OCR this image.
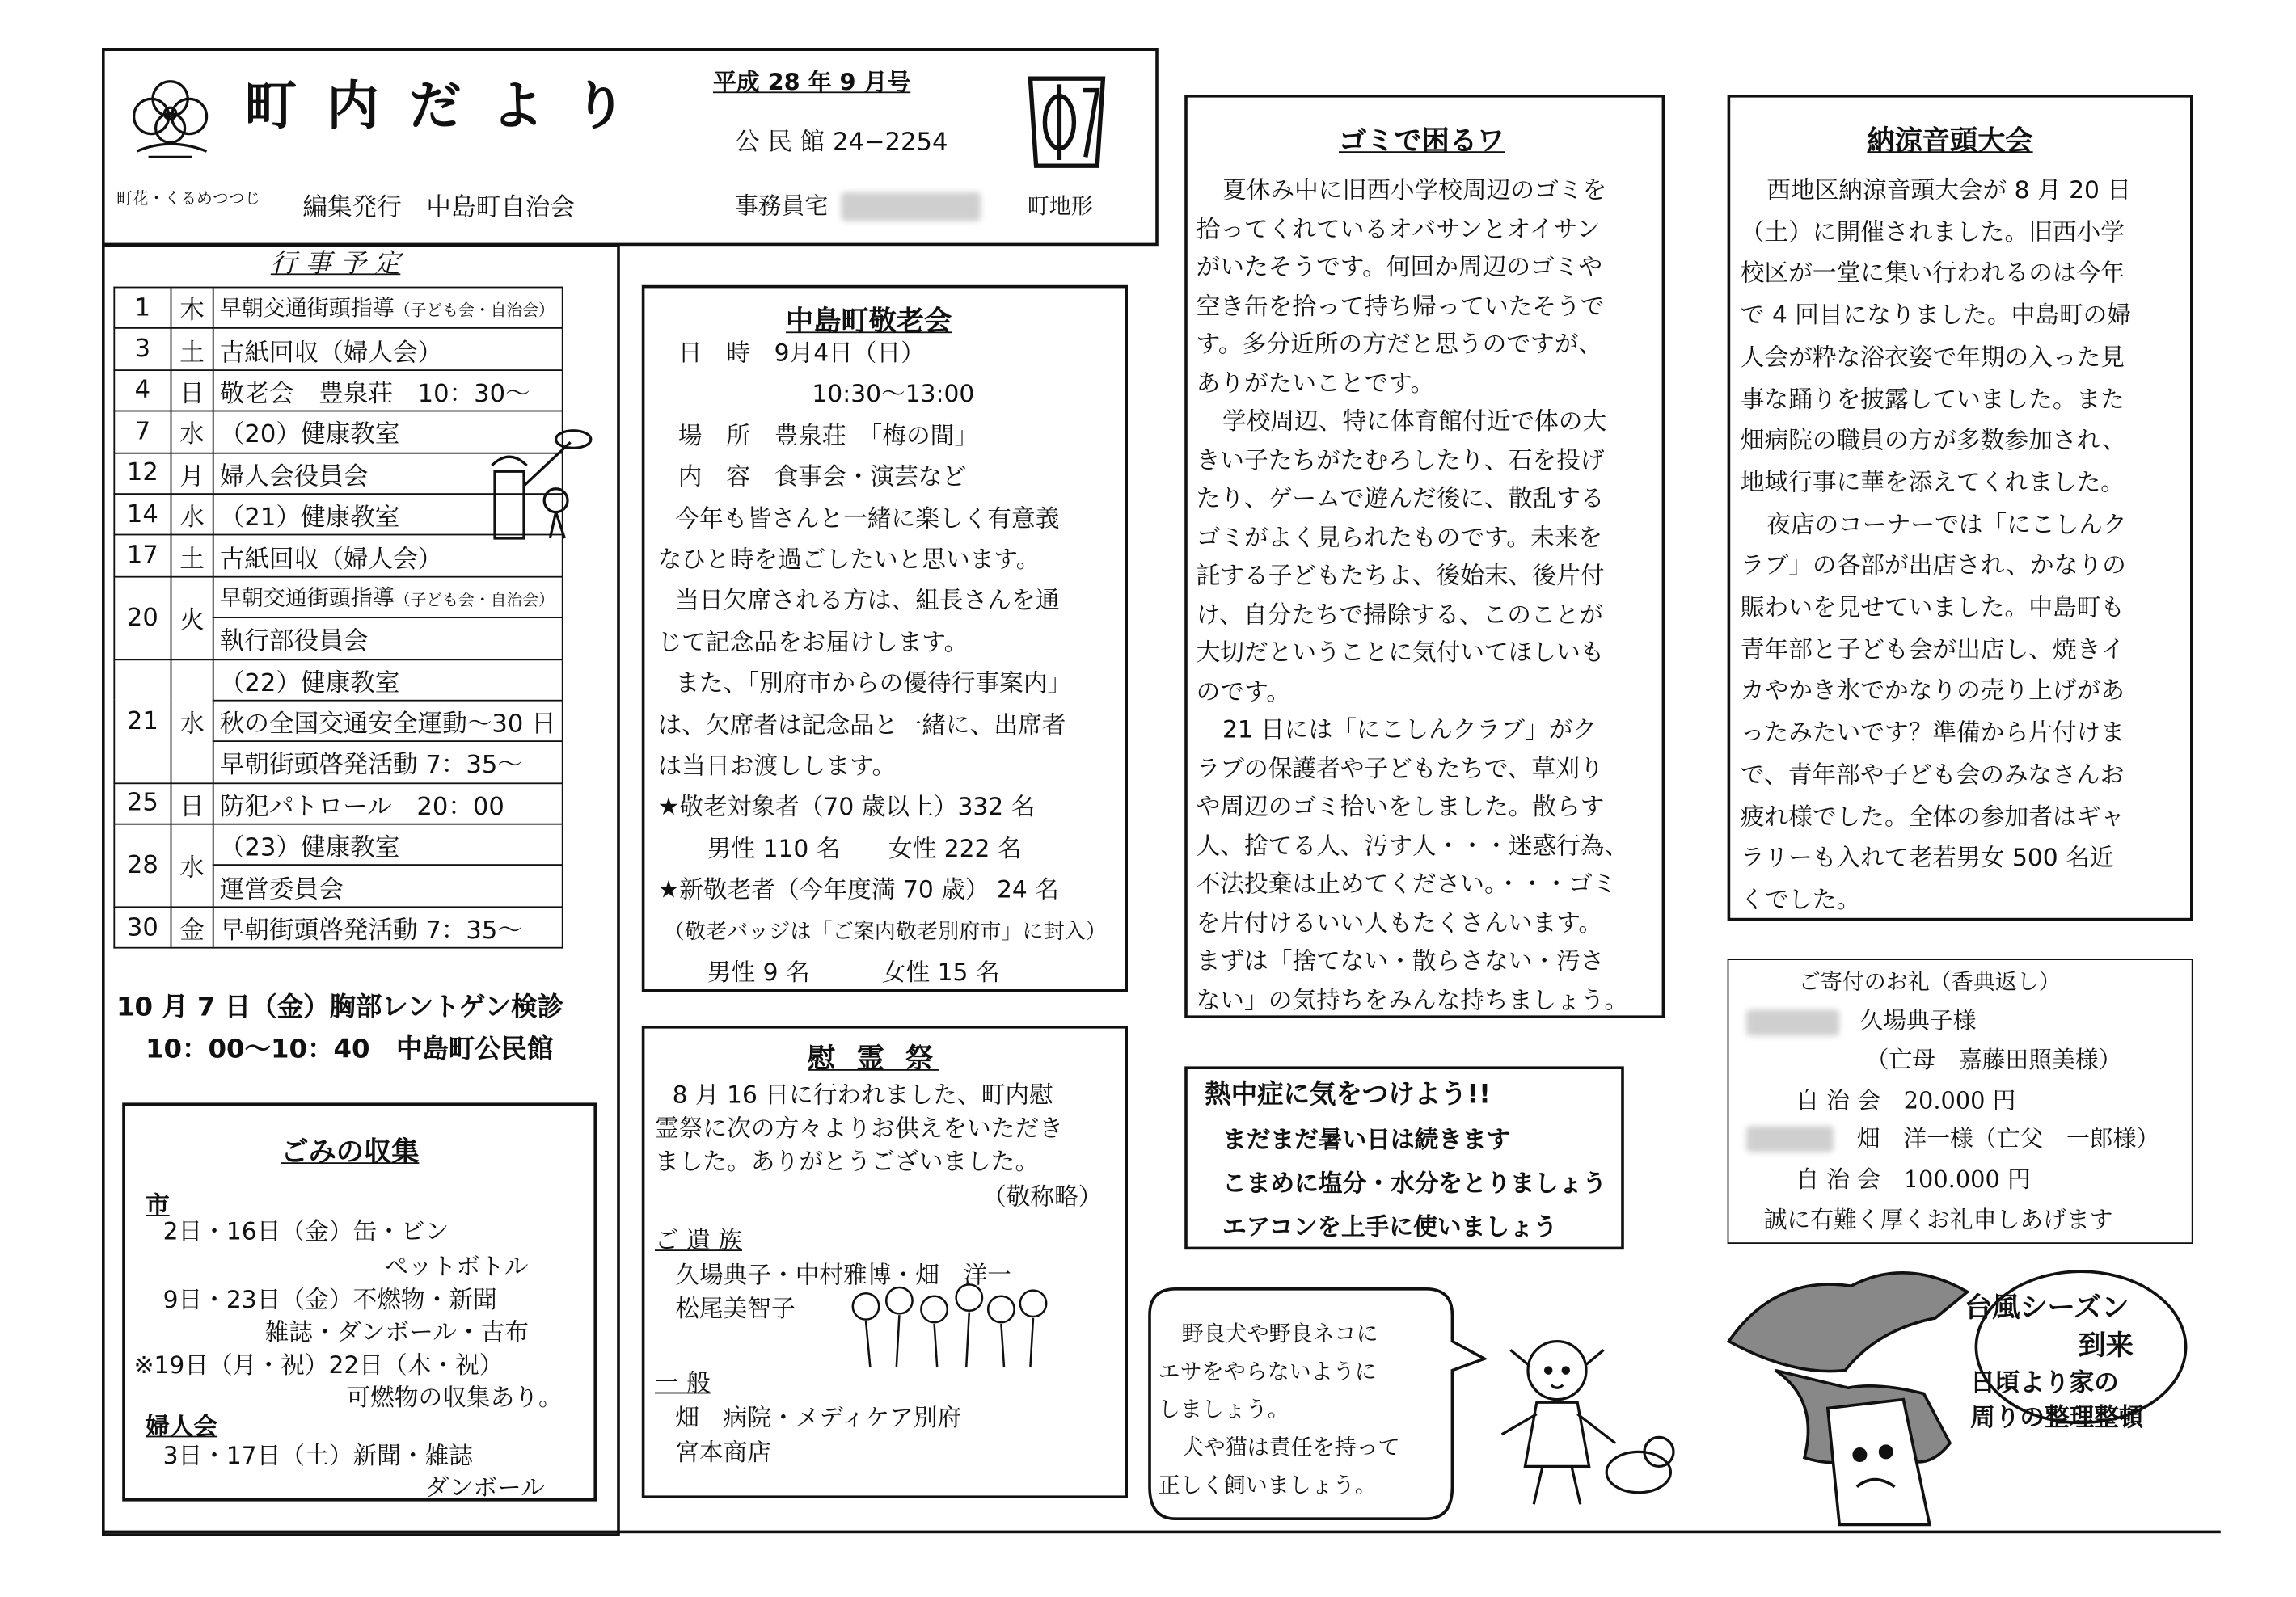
町花・くるめつつじ
町 内 だ よ り
編集発行　中島町自治会
平成 28 年 9 月号
公 民 館 24−2254
事務員宅	町地形
行 事 予 定
1	木	早朝交通街頭指導（子ども会・自治会）
3	土	古紙回収（婦人会）
4	日	敬老会　豊泉荘　10：30〜
7	水	（20）健康教室
12	月	婦人会役員会
14	水	（21）健康教室
17	土	古紙回収（婦人会）
20	火	早朝交通街頭指導（子ども会・自治会）
		執行部役員会
21	水	（22）健康教室
		秋の全国交通安全運動〜30 日
		早朝街頭啓発活動 7：35〜
25	日	防犯パトロール　20：00
28	水	（23）健康教室
		運営委員会
30	金	早朝街頭啓発活動 7：35〜
10 月 7 日（金）胸部レントゲン検診
10：00〜10：40　中島町公民館
ごみの収集
市
2日・16日（金）缶・ビン
ペットボトル
9日・23日（金）不燃物・新聞
雑誌・ダンボール・古布
※19日（月・祝）22日（木・祝）
可燃物の収集あり。
婦人会
3日・17日（土）新聞・雑誌
ダンボール
中島町敬老会
日　時　9月4日（日）
10:30〜13:00
場　所　豊泉荘　「梅の間」
内　容　食事会・演芸など
今年も皆さんと一緒に楽しく有意義
なひと時を過ごしたいと思います。
当日欠席される方は、組長さんを通
じて記念品をお届けします。
また、「別府市からの優待行事案内」
は、欠席者は記念品と一緒に、出席者
は当日お渡しします。
★敬老対象者（70 歳以上）332 名
男性 110 名　　女性 222 名
★新敬老者（今年度満 70 歳） 24 名
（敬老バッジは「ご案内敬老別府市」に封入）
男性 9 名　　　女性 15 名
慰 霊 祭
8 月 16 日に行われました、町内慰
霊祭に次の方々よりお供えをいただき
ました。ありがとうございました。
（敬称略）
ご 遺 族
久場典子・中村雅博・畑　洋一
松尾美智子
一 般
畑　病院・メディケア別府
宮本商店
ゴミで困るワ
夏休み中に旧西小学校周辺のゴミを
拾ってくれているオバサンとオイサン
がいたそうです。何回か周辺のゴミや
空き缶を拾って持ち帰っていたそうで
す。多分近所の方だと思うのですが、
ありがたいことです。
学校周辺、特に体育館付近で体の大
きい子たちがたむろしたり、石を投げ
たり、ゲームで遊んだ後に、散乱する
ゴミがよく見られたものです。未来を
託する子どもたちよ、後始末、後片付
け、自分たちで掃除する、このことが
大切だということに気付いてほしいも
のです。
21 日には「にこしんクラブ」がク
ラブの保護者や子どもたちで、草刈り
や周辺のゴミ拾いをしました。散らす
人、捨てる人、汚す人・・・迷惑行為、
不法投棄は止めてください。・・・ゴミ
を片付けるいい人もたくさんいます。
まずは「捨てない・散らさない・汚さ
ない」の気持ちをみんな持ちましょう。
熱中症に気をつけよう!!
まだまだ暑い日は続きます
こまめに塩分・水分をとりましょう
エアコンを上手に使いましょう
野良犬や野良ネコに
エサをやらないように
しましょう。
犬や猫は責任を持って
正しく飼いましょう。
納涼音頭大会
西地区納涼音頭大会が 8 月 20 日
（土）に開催されました。旧西小学
校区が一堂に集い行われるのは今年
で 4 回目になりました。中島町の婦
人会が粋な浴衣姿で年期の入った見
事な踊りを披露していました。また
畑病院の職員の方が多数参加され、
地域行事に華を添えてくれました。
夜店のコーナーでは「にこしんク
ラブ」の各部が出店され、かなりの
賑わいを見せていました。中島町も
青年部と子ども会が出店し、焼きイ
カやかき氷でかなりの売り上げがあ
ったみたいです？準備から片付けま
で、青年部や子ども会のみなさんお
疲れ様でした。全体の参加者はギャ
ラリーも入れて老若男女 500 名近
くでした。
ご寄付のお礼（香典返し）
久場典子様
（亡母　嘉藤田照美様）
自 治 会　20.000 円
畑　洋一様（亡父　一郎様）
自 治 会　100.000 円
誠に有難く厚くお礼申しあげます
台風シーズン
到来
日頃より家の
周りの整理整頓
